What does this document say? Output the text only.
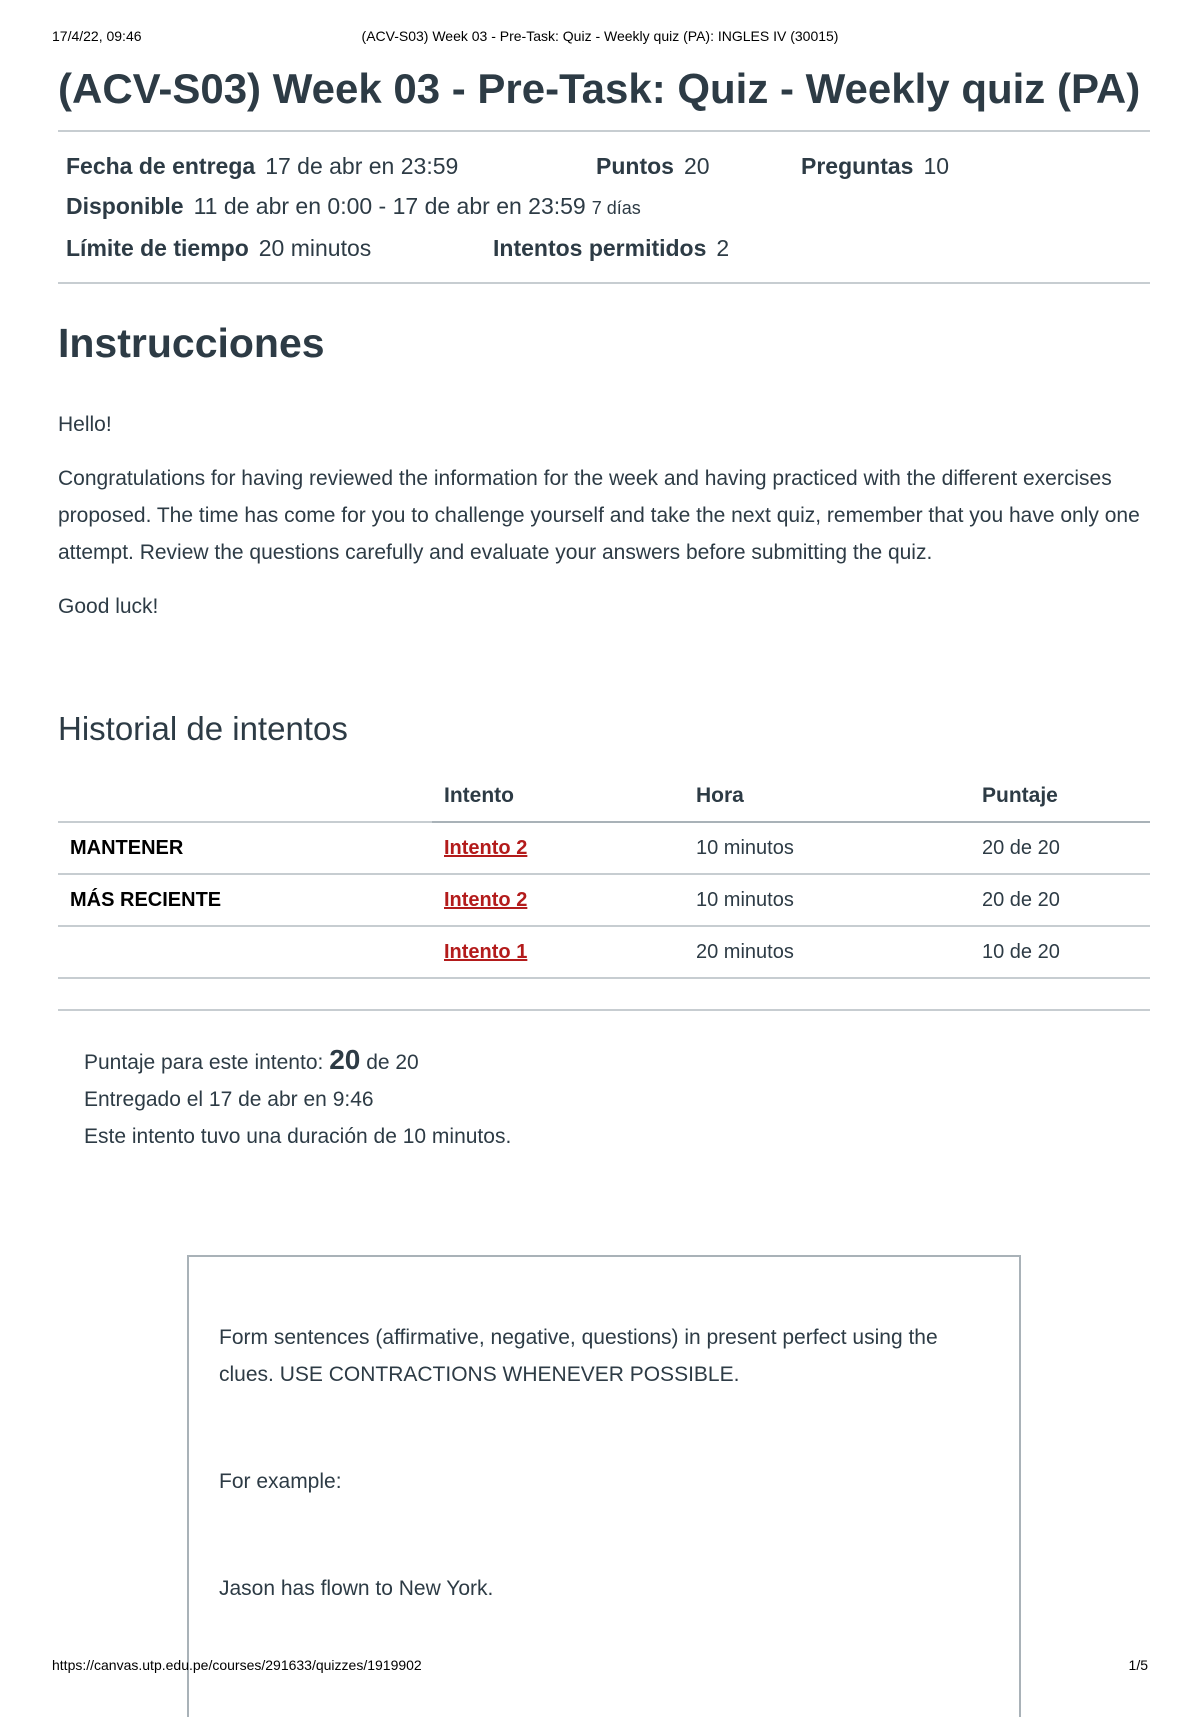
17/4/22, 09:46	(ACV-S03) Week 03 - Pre-Task: Quiz - Weekly quiz (PA): INGLES IV (30015)
(ACV-S03) Week 03 - Pre-Task: Quiz - Weekly quiz (PA)
Fecha de entrega 17 de abr en 23:59	Puntos 20	Preguntas 10
Disponible 11 de abr en 0:00 - 17 de abr en 23:59 7 días
Límite de tiempo 20 minutos	Intentos permitidos 2
Instrucciones

Hello!

Congratulations for having reviewed the information for the week and having practiced with the different exercises proposed. The time has come for you to challenge yourself and take the next quiz, remember that you have only one attempt. Review the questions carefully and evaluate your answers before submitting the quiz.

Good luck!

Historial de intentos
	Intento	Hora	Puntaje
MANTENER	Intento 2	10 minutos	20 de 20
MÁS RECIENTE	Intento 2	10 minutos	20 de 20
	Intento 1	20 minutos	10 de 20
Puntaje para este intento: 20 de 20
Entregado el 17 de abr en 9:46
Este intento tuvo una duración de 10 minutos.

Form sentences (affirmative, negative, questions) in present perfect using the clues. USE CONTRACTIONS WHENEVER POSSIBLE.

For example:

Jason has flown to New York.

https://canvas.utp.edu.pe/courses/291633/quizzes/1919902	1/5
